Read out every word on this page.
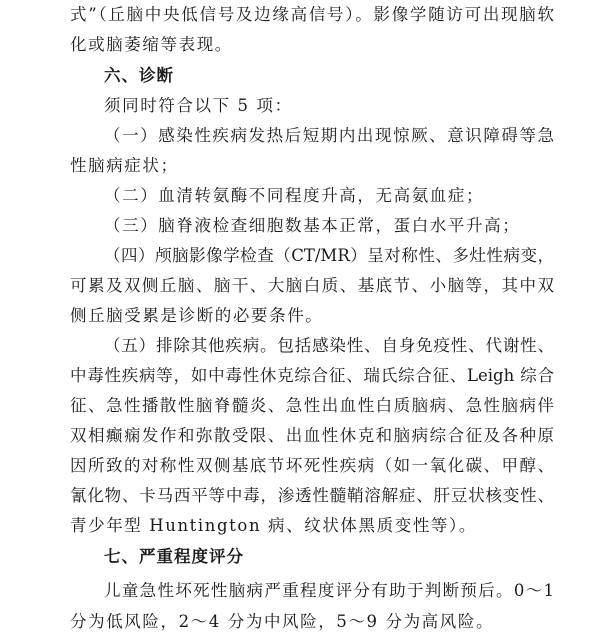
式”（丘脑中央低信号及边缘高信号）。影像学随访可出现脑软
化或脑萎缩等表现。
六、诊断
须同时符合以下 5 项：
（一）感染性疾病发热后短期内出现惊厥、意识障碍等急
性脑病症状；
（二）血清转氨酶不同程度升高，无高氨血症；
（三）脑脊液检查细胞数基本正常，蛋白水平升高；
（四）颅脑影像学检查（CT/MR）呈对称性、多灶性病变，
可累及双侧丘脑、脑干、大脑白质、基底节、小脑等，其中双
侧丘脑受累是诊断的必要条件。
（五）排除其他疾病。包括感染性、自身免疫性、代谢性、
中毒性疾病等，如中毒性休克综合征、瑞氏综合征、Leigh 综合
征、急性播散性脑脊髓炎、急性出血性白质脑病、急性脑病伴
双相癫痫发作和弥散受限、出血性休克和脑病综合征及各种原
因所致的对称性双侧基底节坏死性疾病（如一氧化碳、甲醇、
氰化物、卡马西平等中毒，渗透性髓鞘溶解症、肝豆状核变性、
青少年型 Huntington 病、纹状体黑质变性等）。
七、严重程度评分
儿童急性坏死性脑病严重程度评分有助于判断预后。0～1
分为低风险，2～4 分为中风险，5～9 分为高风险。
